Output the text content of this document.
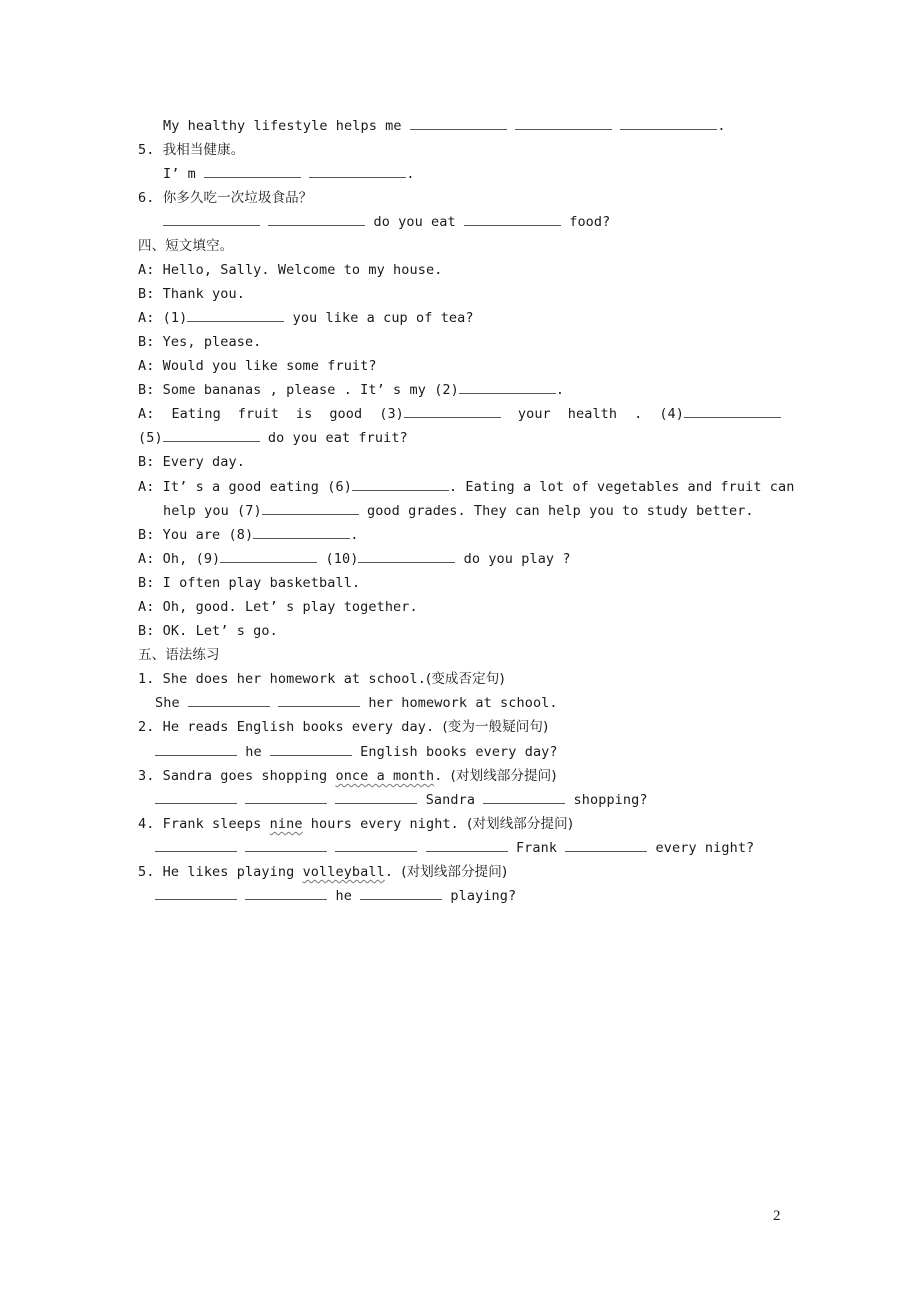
My healthy lifestyle helps me	.
5. 我相当健康。
I’ m	.
6. 你多久吃一次垃圾食品？
do you eat	food?
四、短文填空。
A: Hello, Sally. Welcome to my house.
B: Thank you.
A: (1)	you like a cup of tea?
B: Yes, please.
A: Would you like some fruit?
B: Some bananas , please . It’ s my (2)	.
A: Eating fruit is good (3)	your health . (4)
(5)	do you eat fruit?
B: Every day.
A: It’ s a good eating (6)	. Eating a lot of vegetables and fruit can
help you (7)	good grades. They can help you to study better.
B: You are (8)	.
A: Oh, (9)	(10)	do you play ?
B: I often play basketball.
A: Oh, good. Let’ s play together.
B: OK. Let’ s go.
五、语法练习
1. She does her homework at school.(变成否定句)
She	her homework at school.
2. He reads English books every day. (变为一般疑问句)
he	English books every day?
3. Sandra goes shopping once a month. (对划线部分提问)
Sandra	shopping?
4. Frank sleeps nine hours every night. (对划线部分提问)
Frank	every night?
5. He likes playing volleyball. (对划线部分提问)
he	playing?
2
